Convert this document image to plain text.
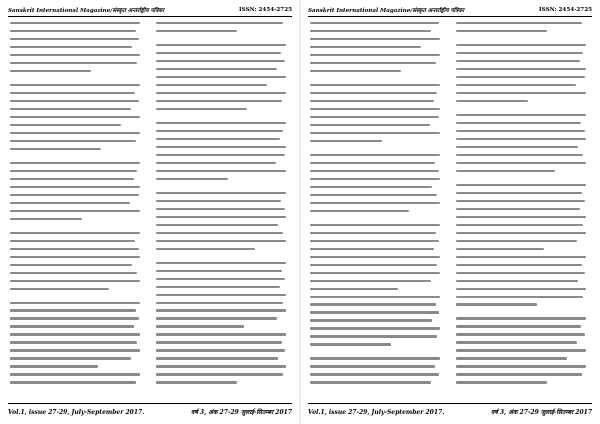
Sanskrit International Magazine/संस्कृत अन्तर्राष्ट्रीय पत्रिका	ISSN: 2454-2725
Vol.1, issue 27-29, July-September 2017.	वर्ष 3, अंक 27-29 जुलाई-सितम्बर 2017
Sanskrit International Magazine/संस्कृत अन्तर्राष्ट्रीय पत्रिका	ISSN: 2454-2725
Vol.1, issue 27-29, July-September 2017.	वर्ष 3, अंक 27-29 जुलाई-सितम्बर 2017
